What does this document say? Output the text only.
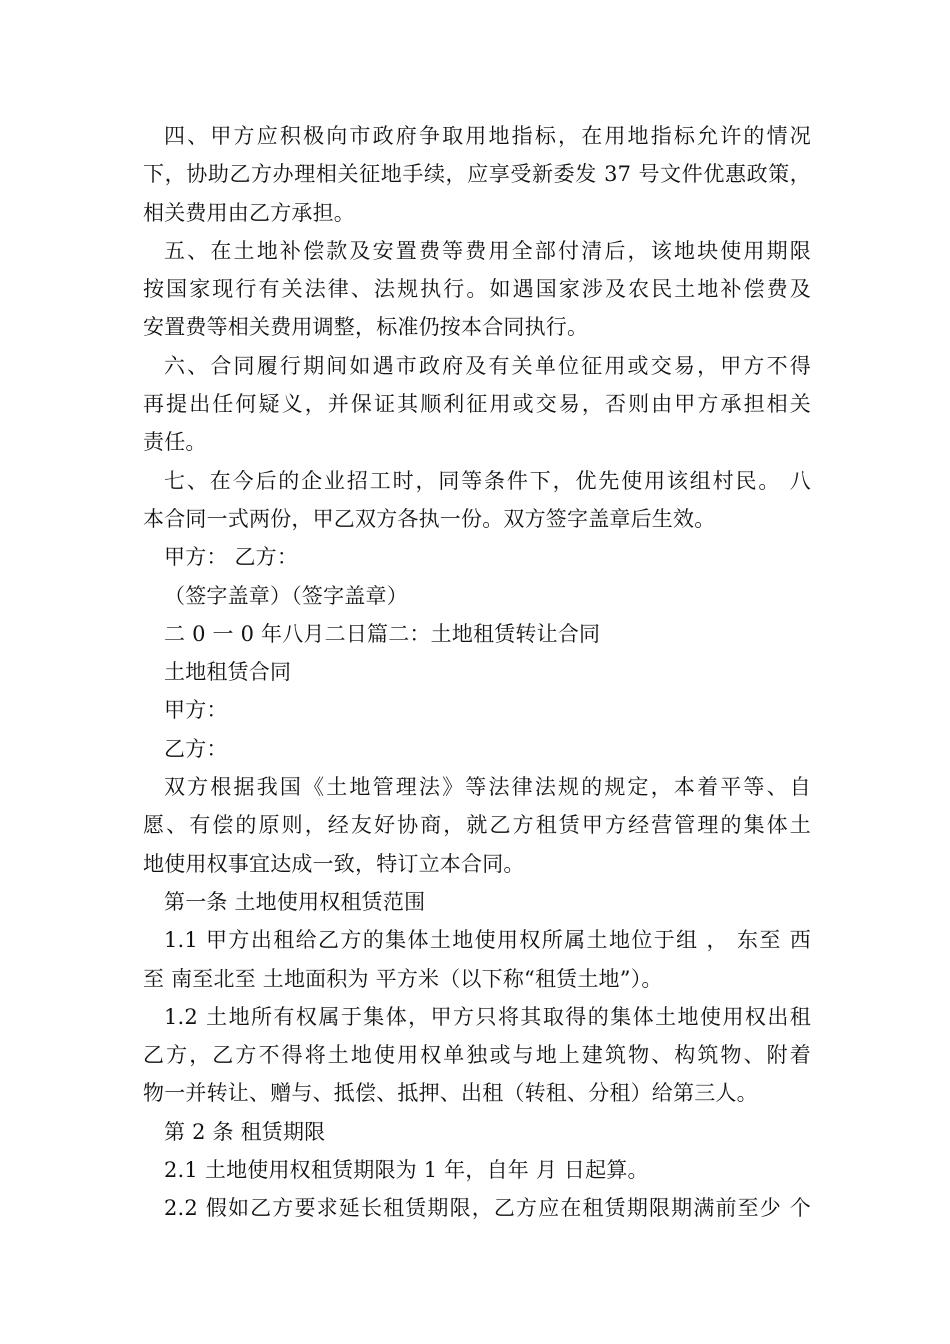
四、甲方应积极向市政府争取用地指标，在用地指标允许的情况
下，协助乙方办理相关征地手续，应享受新委发 37 号文件优惠政策，
相关费用由乙方承担。
五、在土地补偿款及安置费等费用全部付清后，该地块使用期限
按国家现行有关法律、法规执行。如遇国家涉及农民土地补偿费及
安置费等相关费用调整，标准仍按本合同执行。
六、合同履行期间如遇市政府及有关单位征用或交易，甲方不得
再提出任何疑义，并保证其顺利征用或交易，否则由甲方承担相关
责任。
七、在今后的企业招工时，同等条件下，优先使用该组村民。 八
本合同一式两份，甲乙双方各执一份。双方签字盖章后生效。
甲方： 乙方：
（签字盖章）（签字盖章）
二 0 一 0 年八月二日篇二：土地租赁转让合同
土地租赁合同
甲方：
乙方：
双方根据我国《土地管理法》等法律法规的规定，本着平等、自
愿、有偿的原则，经友好协商，就乙方租赁甲方经营管理的集体土
地使用权事宜达成一致，特订立本合同。
第一条 土地使用权租赁范围
1.1 甲方出租给乙方的集体土地使用权所属土地位于组 ， 东至 西
至 南至北至 土地面积为 平方米（以下称“租赁土地”）。
1.2 土地所有权属于集体，甲方只将其取得的集体土地使用权出租
乙方，乙方不得将土地使用权单独或与地上建筑物、构筑物、附着
物一并转让、赠与、抵偿、抵押、出租（转租、分租）给第三人。
第 2 条 租赁期限
2.1 土地使用权租赁期限为 1 年，自年 月 日起算。
2.2 假如乙方要求延长租赁期限，乙方应在租赁期限期满前至少 个
